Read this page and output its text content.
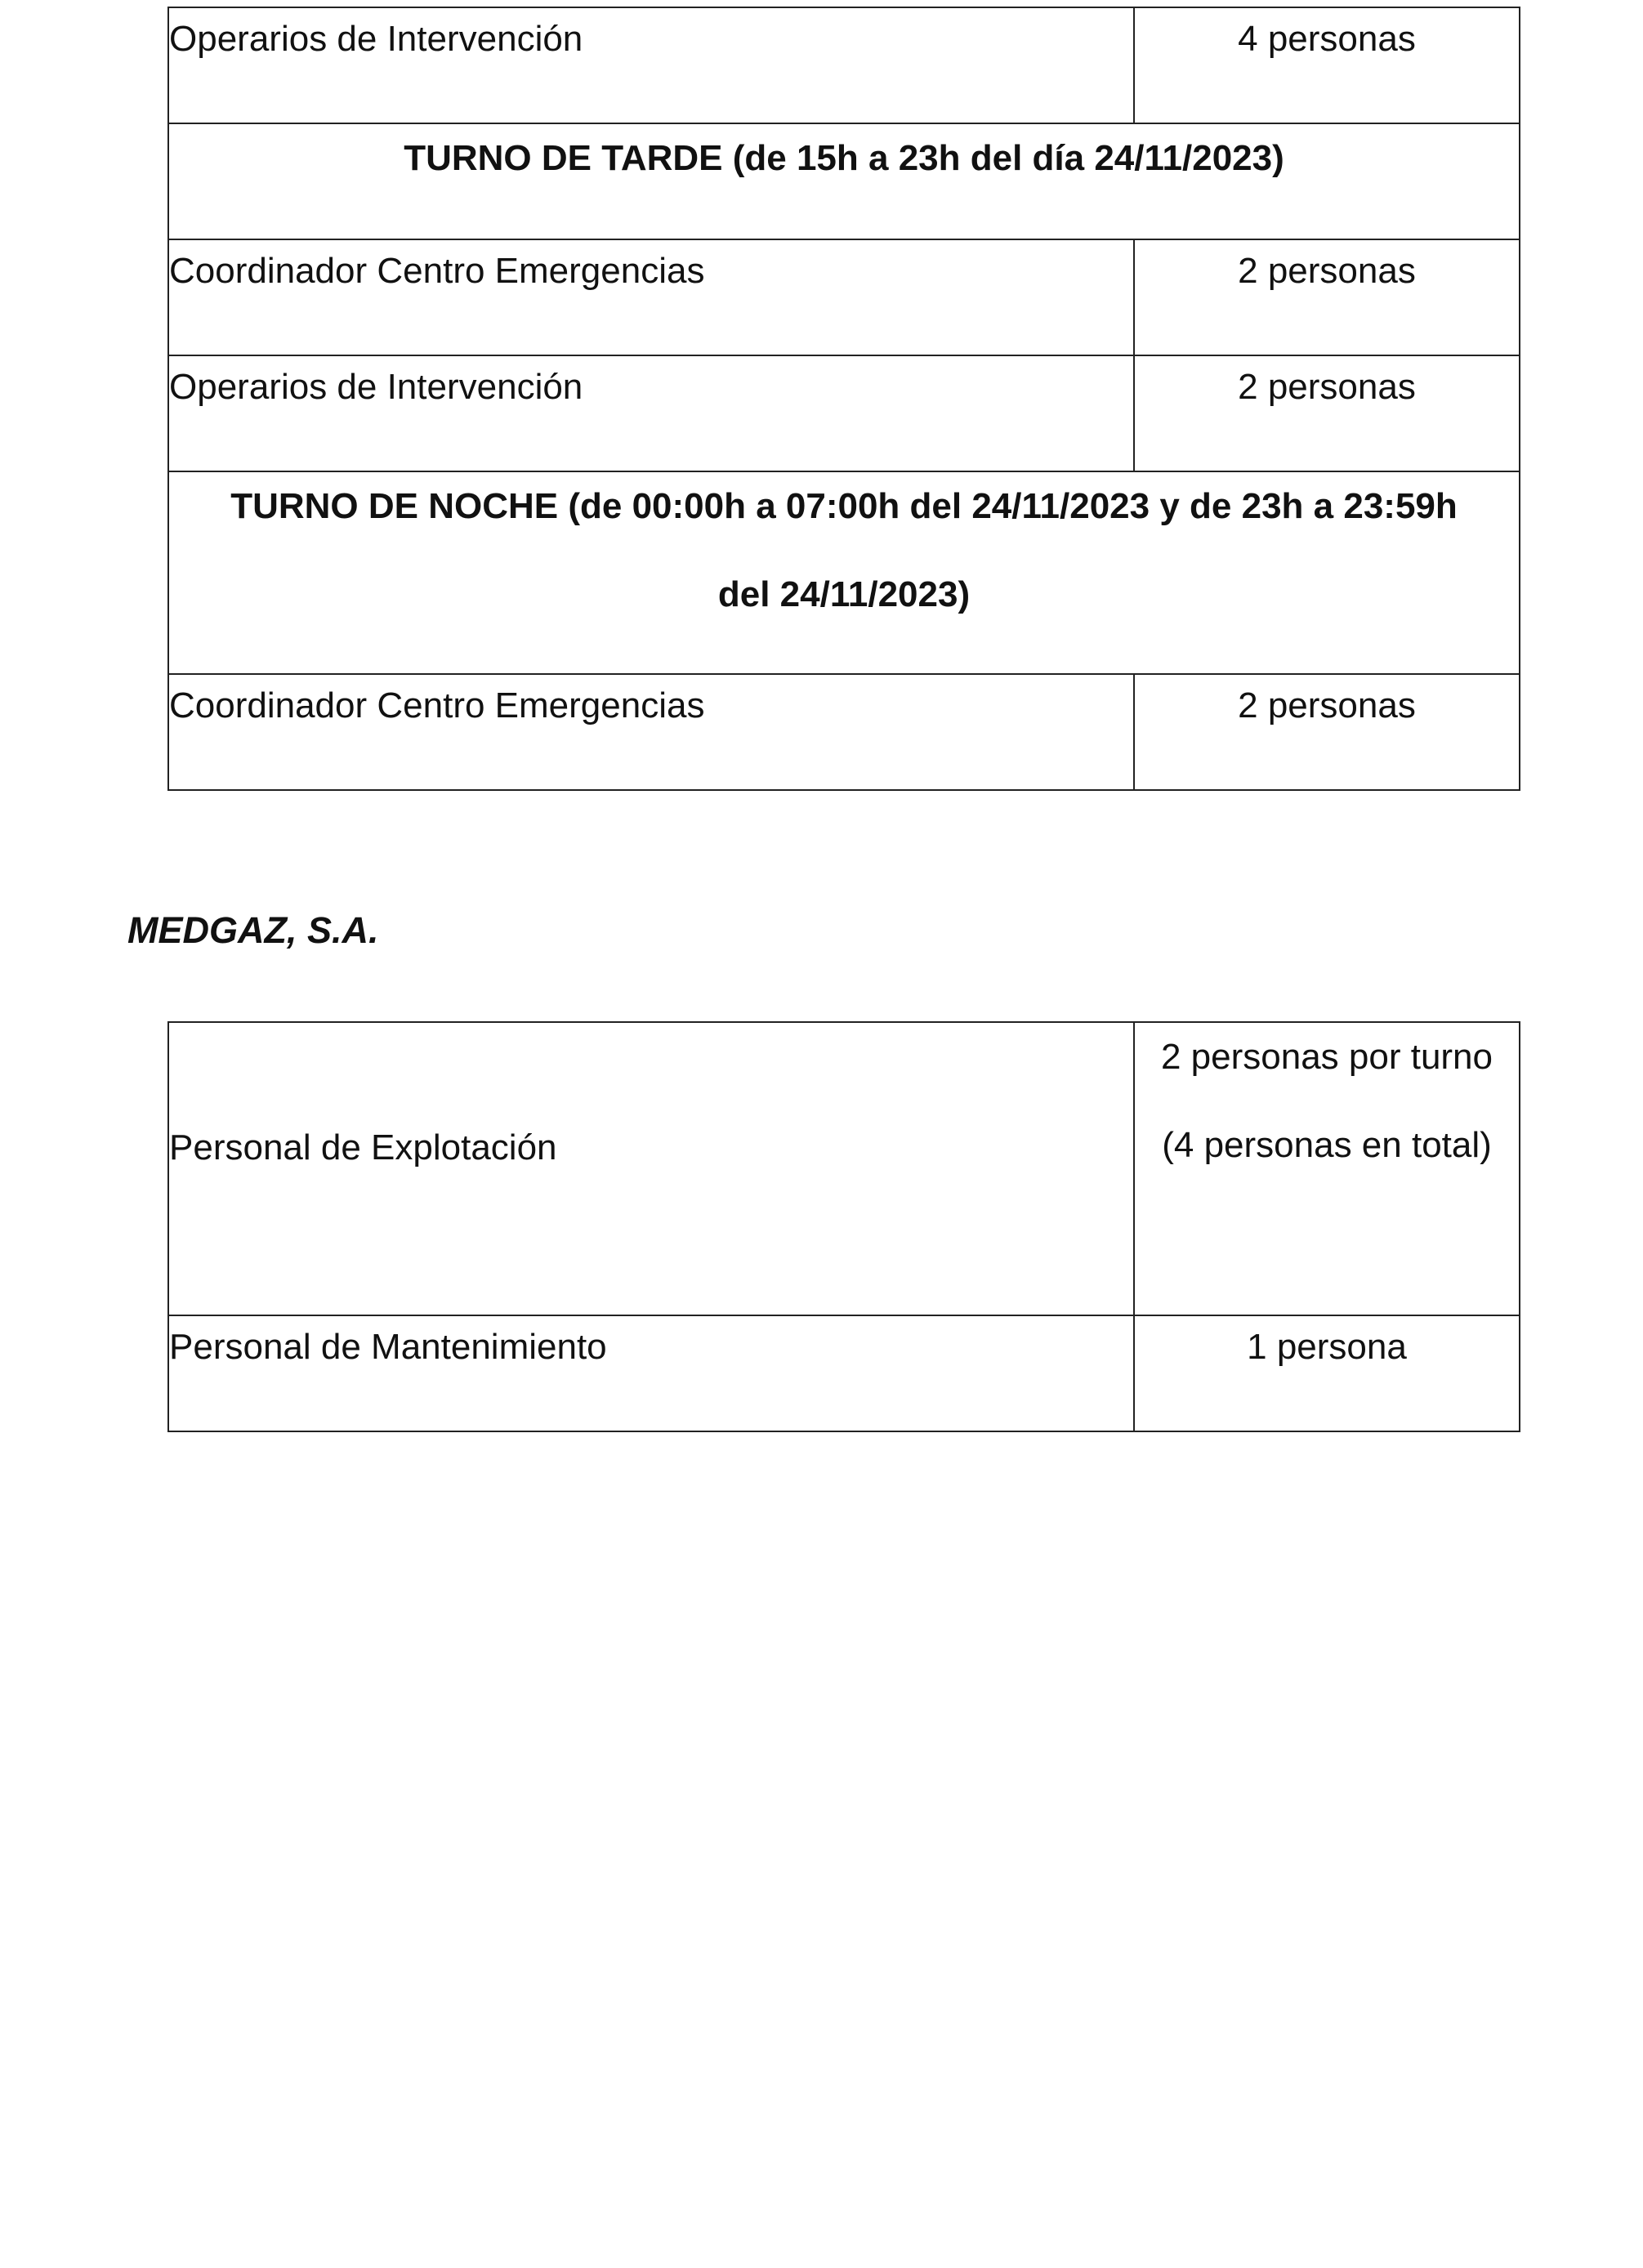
Operarios de Intervención	4 personas

TURNO DE TARDE (de 15h a 23h del día 24/11/2023)	

Coordinador Centro Emergencias	2 personas

Operarios de Intervención	2 personas

TURNO DE NOCHE (de 00:00h a 07:00h del 24/11/2023 y de 23h a 23:59h del 24/11/2023)	

Coordinador Centro Emergencias	2 personas
MEDGAZ, S.A.
Personal de Explotación	2 personas por turno (4 personas en total)

Personal de Mantenimiento	1 persona
